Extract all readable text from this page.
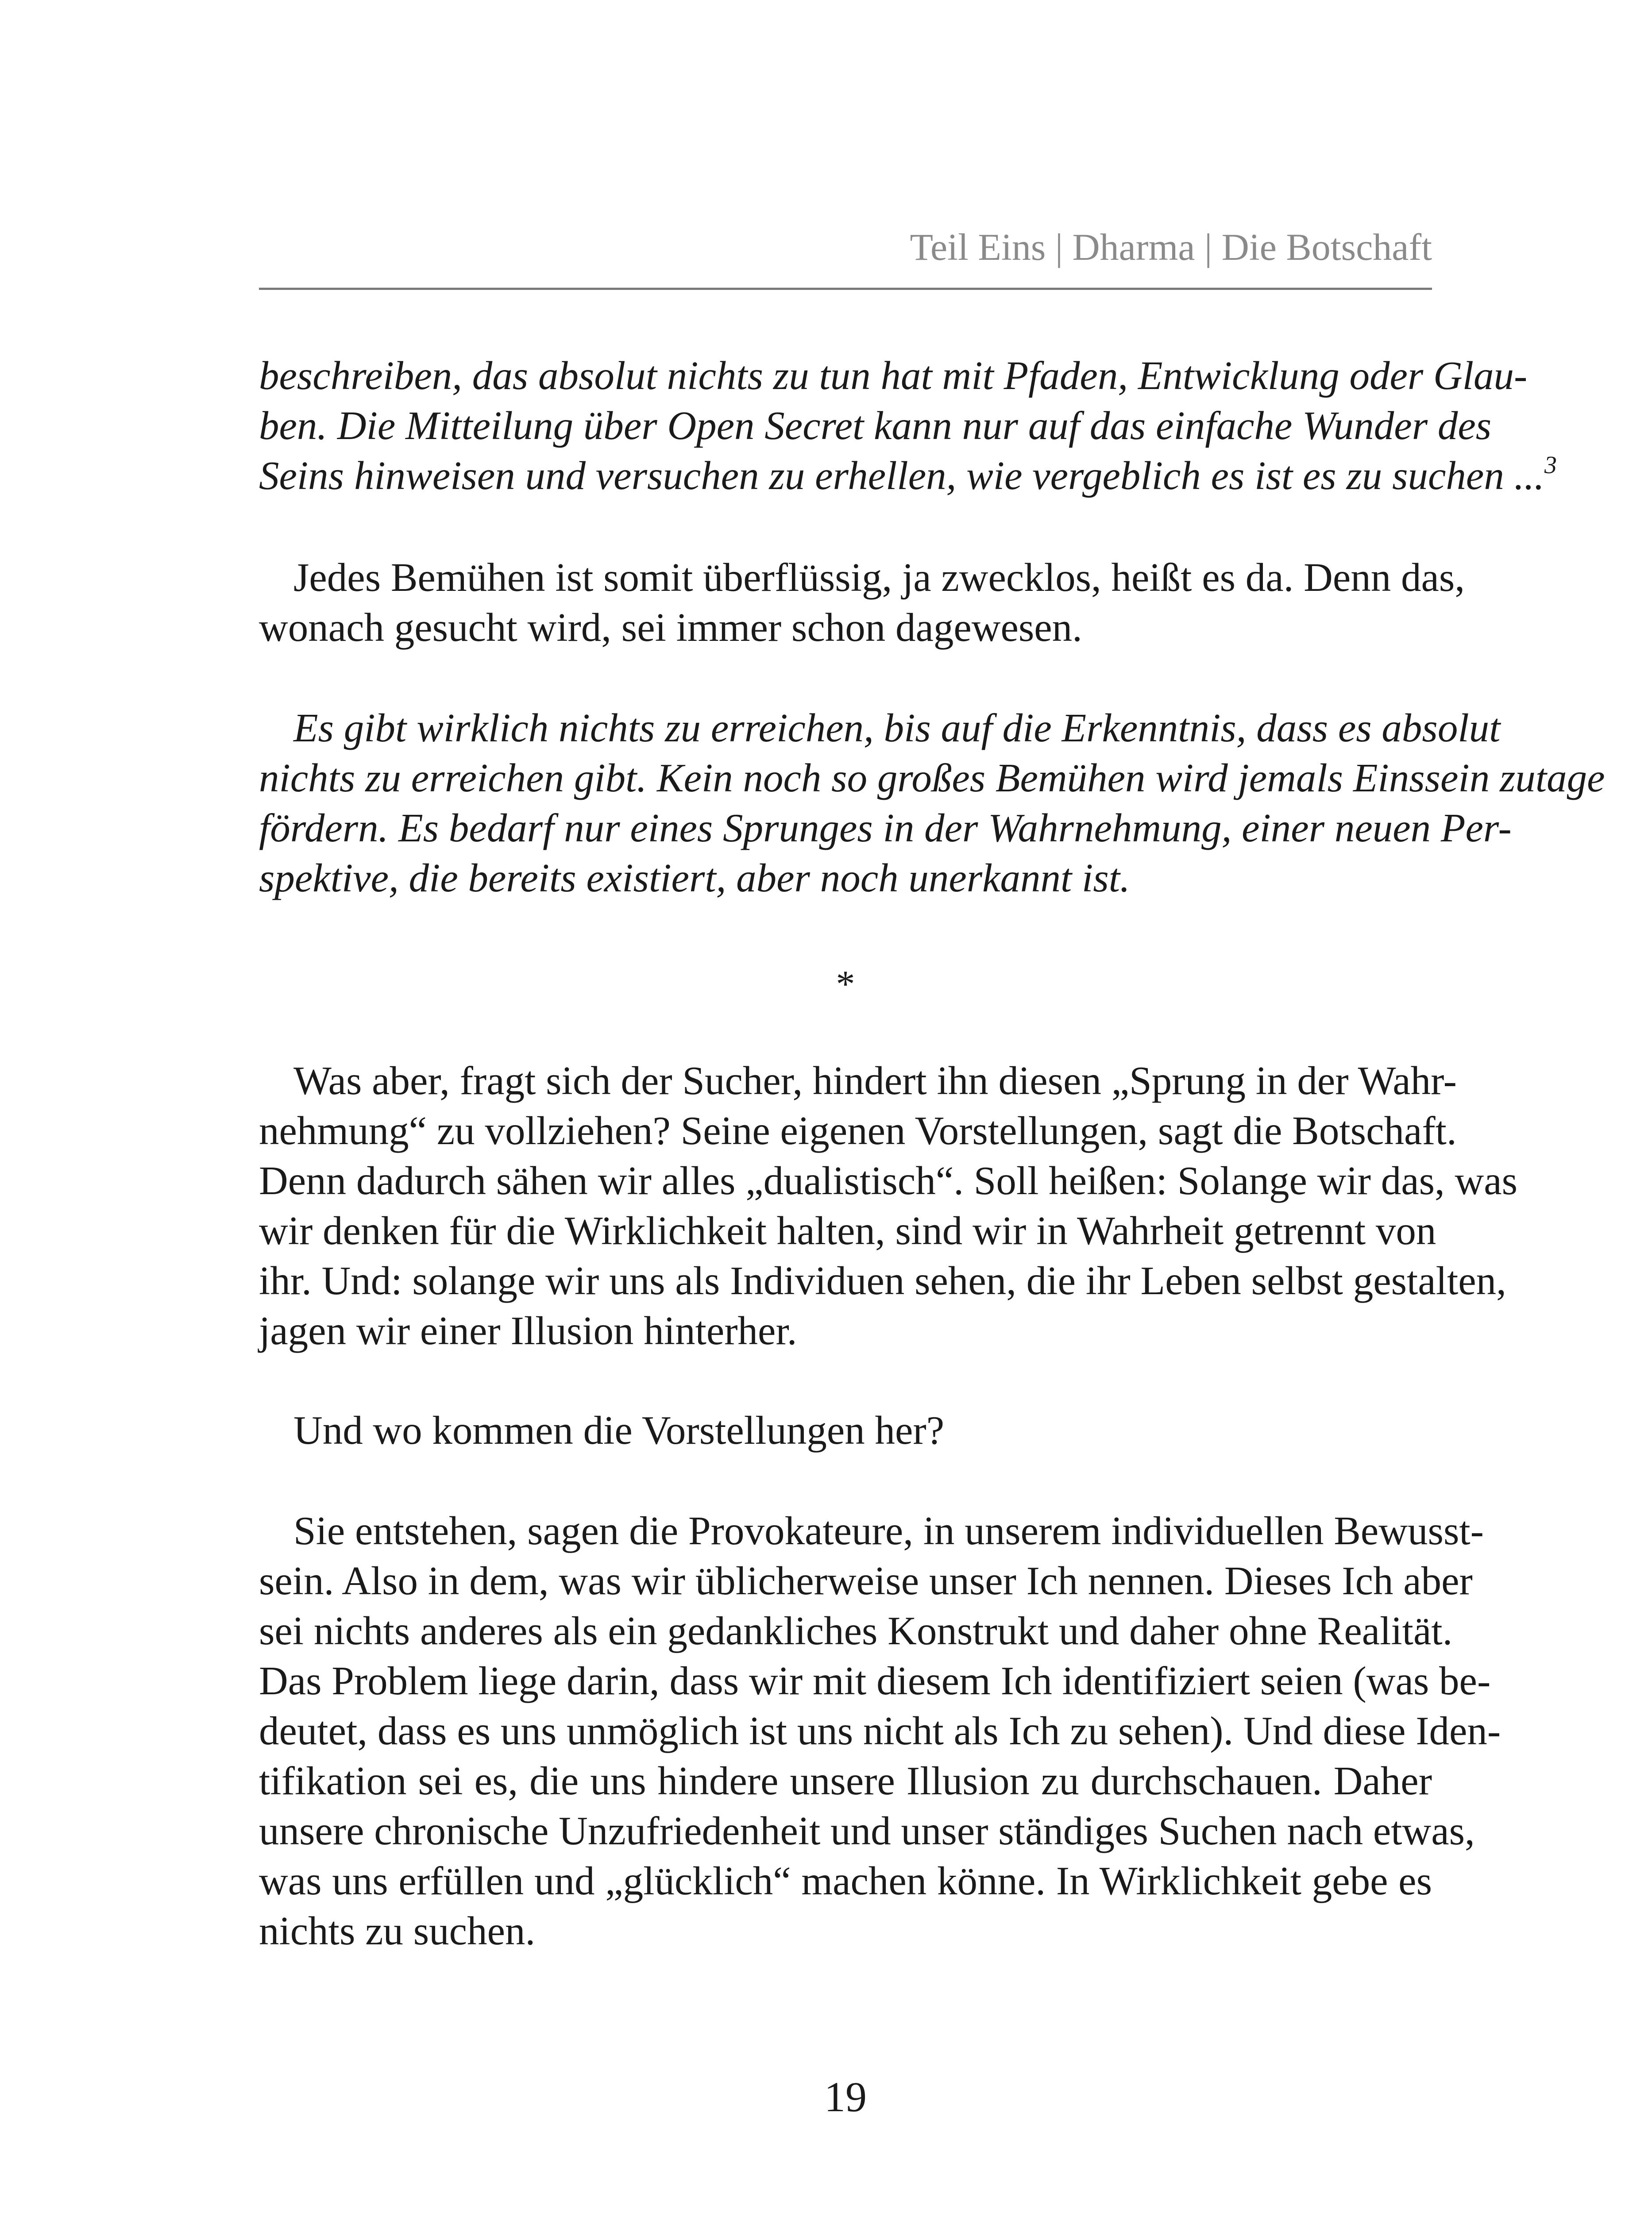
Teil Eins | Dharma | Die Botschaft

beschreiben, das absolut nichts zu tun hat mit Pfaden, Entwicklung oder Glau-
ben. Die Mitteilung über Open Secret kann nur auf das einfache Wunder des
Seins hinweisen und versuchen zu erhellen, wie vergeblich es ist es zu suchen ...$^3$

Jedes Bemühen ist somit überflüssig, ja zwecklos, heißt es da. Denn das,
wonach gesucht wird, sei immer schon dagewesen.

Es gibt wirklich nichts zu erreichen, bis auf die Erkenntnis, dass es absolut
nichts zu erreichen gibt. Kein noch so großes Bemühen wird jemals Einssein zutage
fördern. Es bedarf nur eines Sprunges in der Wahrnehmung, einer neuen Per-
spektive, die bereits existiert, aber noch unerkannt ist.

*

Was aber, fragt sich der Sucher, hindert ihn diesen „Sprung in der Wahr-
nehmung“ zu vollziehen? Seine eigenen Vorstellungen, sagt die Botschaft.
Denn dadurch sähen wir alles „dualistisch“. Soll heißen: Solange wir das, was
wir denken für die Wirklichkeit halten, sind wir in Wahrheit getrennt von
ihr. Und: solange wir uns als Individuen sehen, die ihr Leben selbst gestalten,
jagen wir einer Illusion hinterher.

Und wo kommen die Vorstellungen her?

Sie entstehen, sagen die Provokateure, in unserem individuellen Bewusst-
sein. Also in dem, was wir üblicherweise unser Ich nennen. Dieses Ich aber
sei nichts anderes als ein gedankliches Konstrukt und daher ohne Realität.
Das Problem liege darin, dass wir mit diesem Ich identifiziert seien (was be-
deutet, dass es uns unmöglich ist uns nicht als Ich zu sehen). Und diese Iden-
tifikation sei es, die uns hindere unsere Illusion zu durchschauen. Daher
unsere chronische Unzufriedenheit und unser ständiges Suchen nach etwas,
was uns erfüllen und „glücklich“ machen könne. In Wirklichkeit gebe es
nichts zu suchen.

19
